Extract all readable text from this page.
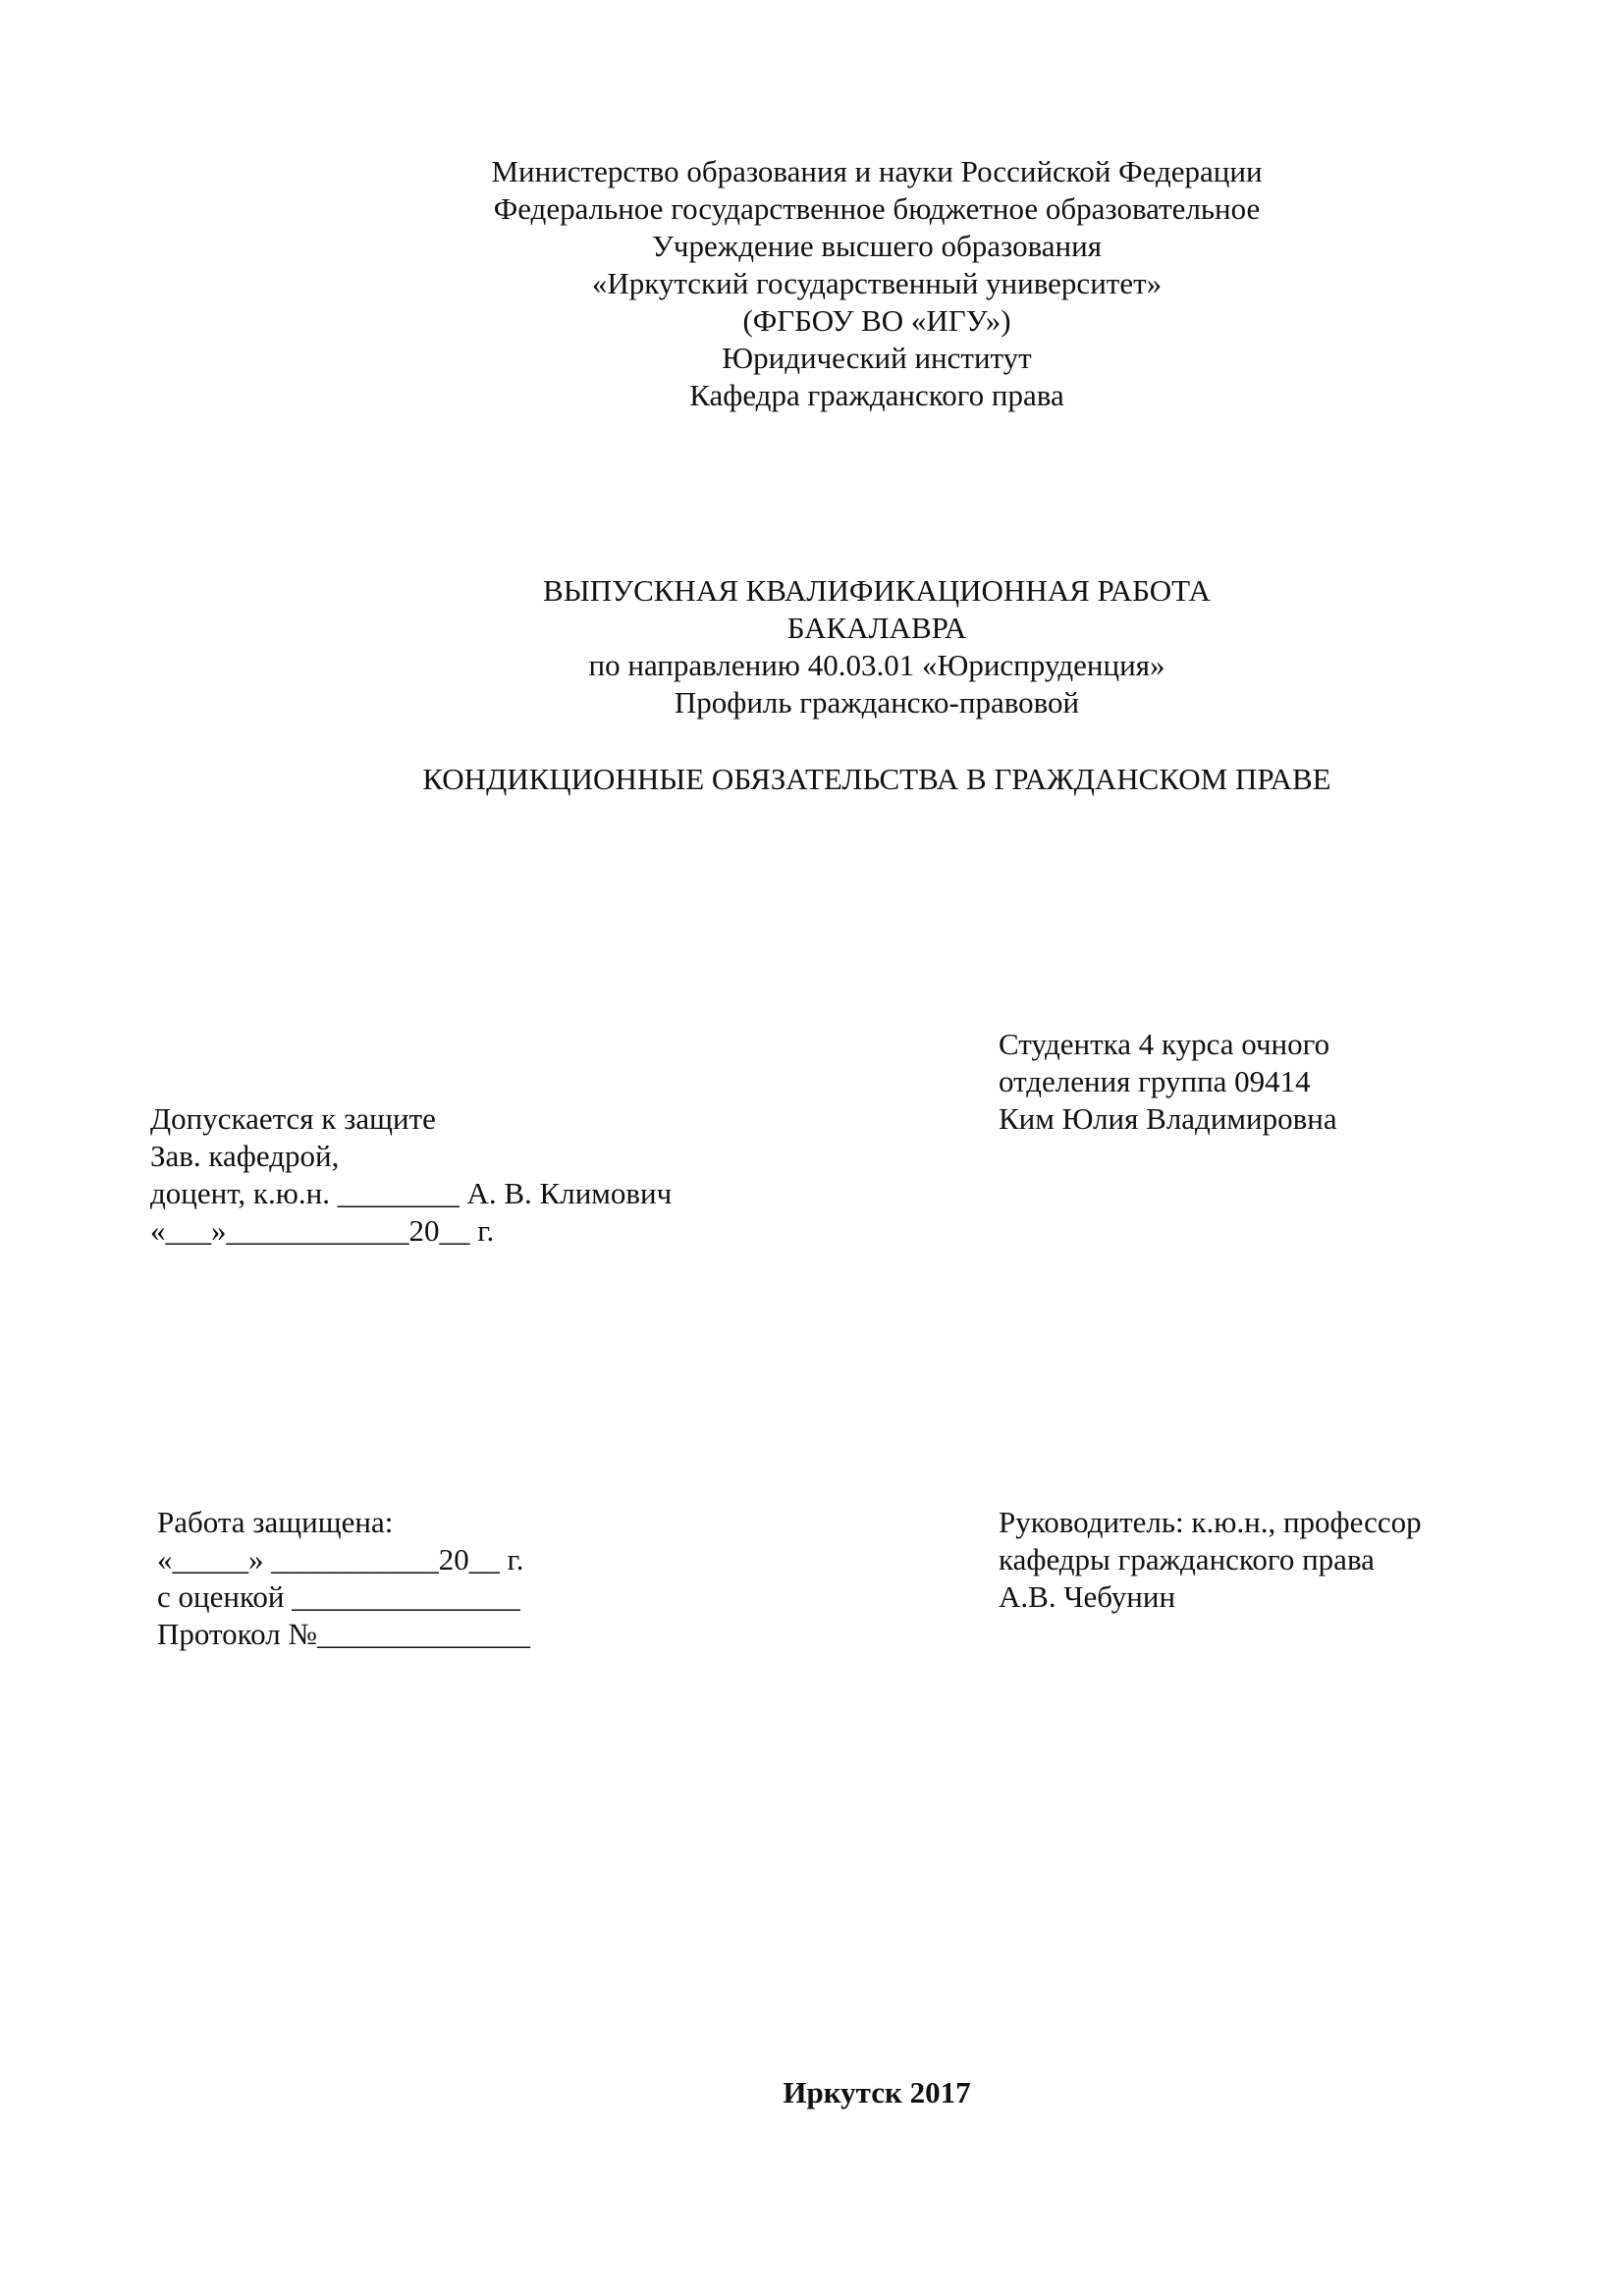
Министерство образования и науки Российской Федерации
Федеральное государственное бюджетное образовательное
Учреждение высшего образования
«Иркутский государственный университет»
(ФГБОУ ВО «ИГУ»)
Юридический институт
Кафедра гражданского права
ВЫПУСКНАЯ КВАЛИФИКАЦИОННАЯ РАБОТА
БАКАЛАВРА
по направлению 40.03.01 «Юриспруденция»
Профиль гражданско-правовой
КОНДИКЦИОННЫЕ ОБЯЗАТЕЛЬСТВА В ГРАЖДАНСКОМ ПРАВЕ
Студентка 4 курса очного
отделения группа 09414
Ким Юлия Владимировна
Допускается к защите
Зав. кафедрой,
доцент, к.ю.н. ________ А. В. Климович
«___»____________20__ г.
Работа защищена:
«_____» ___________20__ г.
с оценкой _______________
Протокол №______________
Руководитель: к.ю.н., профессор
кафедры гражданского права
А.В. Чебунин
Иркутск 2017
